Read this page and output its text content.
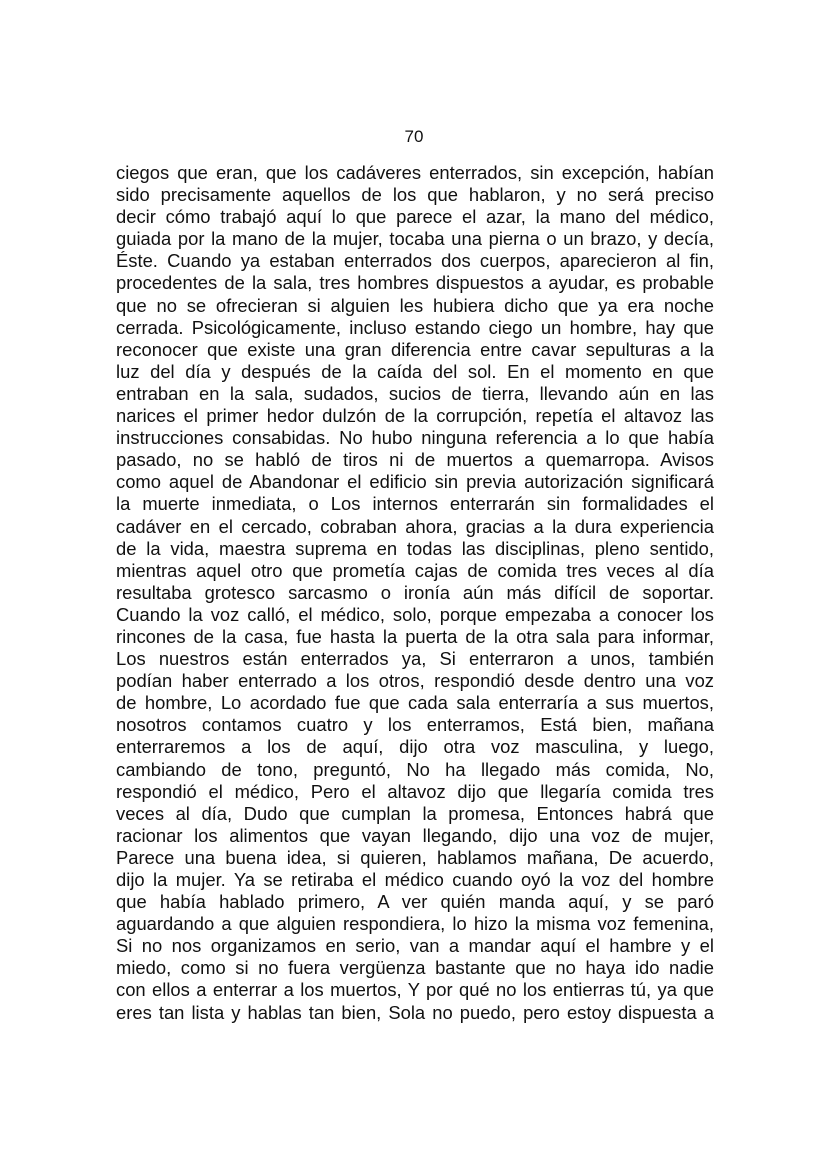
70
ciegos que eran, que los cadáveres enterrados, sin excepción, habían
sido precisamente aquellos de los que hablaron, y no será preciso
decir cómo trabajó aquí lo que parece el azar, la mano del médico,
guiada por la mano de la mujer, tocaba una pierna o un brazo, y decía,
Éste. Cuando ya estaban enterrados dos cuerpos, aparecieron al fin,
procedentes de la sala, tres hombres dispuestos a ayudar, es probable
que no se ofrecieran si alguien les hubiera dicho que ya era noche
cerrada. Psicológicamente, incluso estando ciego un hombre, hay que
reconocer que existe una gran diferencia entre cavar sepulturas a la
luz del día y después de la caída del sol. En el momento en que
entraban en la sala, sudados, sucios de tierra, llevando aún en las
narices el primer hedor dulzón de la corrupción, repetía el altavoz las
instrucciones consabidas. No hubo ninguna referencia a lo que había
pasado, no se habló de tiros ni de muertos a quemarropa. Avisos
como aquel de Abandonar el edificio sin previa autorización significará
la muerte inmediata, o Los internos enterrarán sin formalidades el
cadáver en el cercado, cobraban ahora, gracias a la dura experiencia
de la vida, maestra suprema en todas las disciplinas, pleno sentido,
mientras aquel otro que prometía cajas de comida tres veces al día
resultaba grotesco sarcasmo o ironía aún más difícil de soportar.
Cuando la voz calló, el médico, solo, porque empezaba a conocer los
rincones de la casa, fue hasta la puerta de la otra sala para informar,
Los nuestros están enterrados ya, Si enterraron a unos, también
podían haber enterrado a los otros, respondió desde dentro una voz
de hombre, Lo acordado fue que cada sala enterraría a sus muertos,
nosotros contamos cuatro y los enterramos, Está bien, mañana
enterraremos a los de aquí, dijo otra voz masculina, y luego,
cambiando de tono, preguntó, No ha llegado más comida, No,
respondió el médico, Pero el altavoz dijo que llegaría comida tres
veces al día, Dudo que cumplan la promesa, Entonces habrá que
racionar los alimentos que vayan llegando, dijo una voz de mujer,
Parece una buena idea, si quieren, hablamos mañana, De acuerdo,
dijo la mujer. Ya se retiraba el médico cuando oyó la voz del hombre
que había hablado primero, A ver quién manda aquí, y se paró
aguardando a que alguien respondiera, lo hizo la misma voz femenina,
Si no nos organizamos en serio, van a mandar aquí el hambre y el
miedo, como si no fuera vergüenza bastante que no haya ido nadie
con ellos a enterrar a los muertos, Y por qué no los entierras tú, ya que
eres tan lista y hablas tan bien, Sola no puedo, pero estoy dispuesta a
